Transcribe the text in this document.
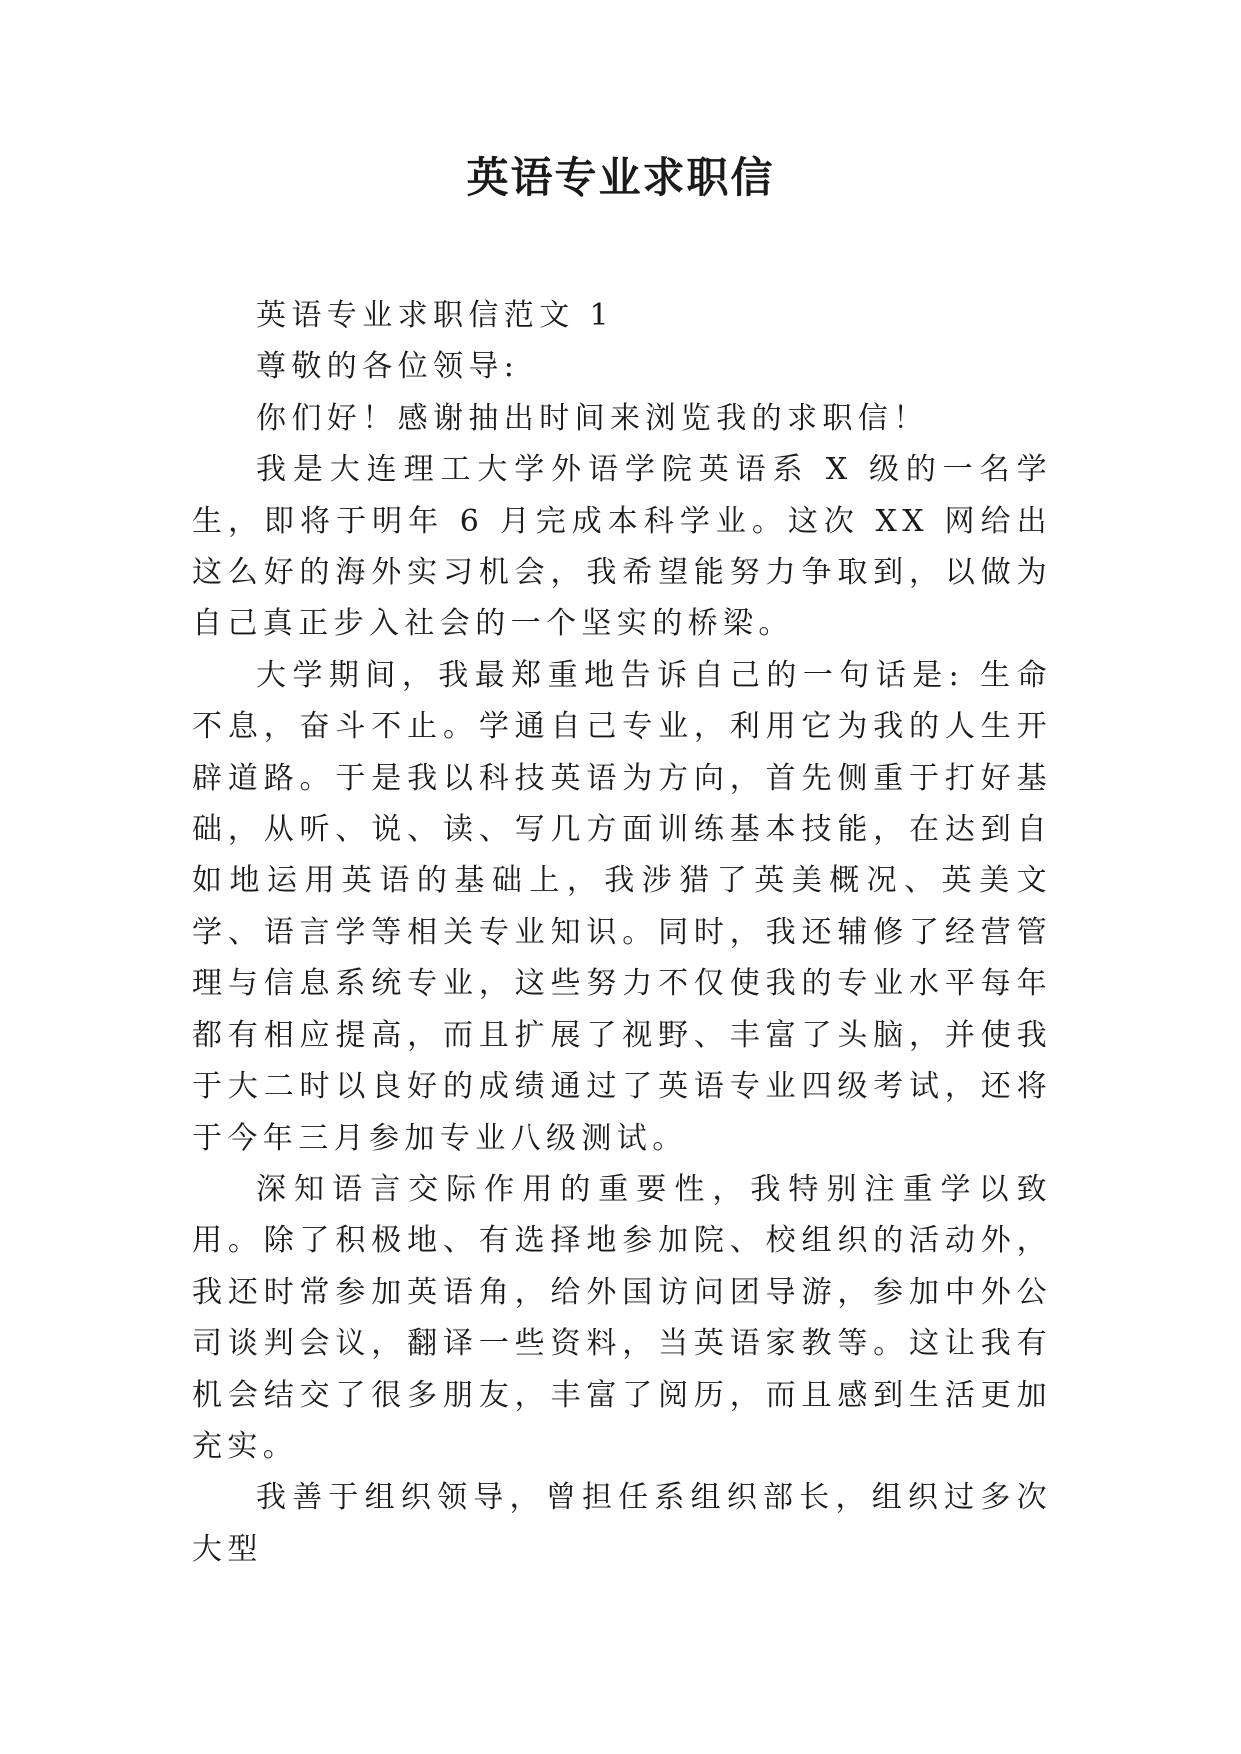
英语专业求职信

英语专业求职信范文 1

尊敬的各位领导:

你们好！感谢抽出时间来浏览我的求职信！

我是大连理工大学外语学院英语系 X 级的一名学生，即将于明年 6 月完成本科学业。这次 XX 网给出这么好的海外实习机会，我希望能努力争取到，以做为自己真正步入社会的一个坚实的桥梁。

大学期间，我最郑重地告诉自己的一句话是: 生命不息，奋斗不止。学通自己专业，利用它为我的人生开辟道路。于是我以科技英语为方向，首先侧重于打好基础，从听、说、读、写几方面训练基本技能，在达到自如地运用英语的基础上，我涉猎了英美概况、英美文学、语言学等相关专业知识。同时，我还辅修了经营管理与信息系统专业，这些努力不仅使我的专业水平每年都有相应提高，而且扩展了视野、丰富了头脑，并使我于大二时以良好的成绩通过了英语专业四级考试，还将于今年三月参加专业八级测试。

深知语言交际作用的重要性，我特别注重学以致用。除了积极地、有选择地参加院、校组织的活动外，我还时常参加英语角，给外国访问团导游，参加中外公司谈判会议，翻译一些资料，当英语家教等。这让我有机会结交了很多朋友，丰富了阅历，而且感到生活更加充实。

我善于组织领导，曾担任系组织部长，组织过多次大型
